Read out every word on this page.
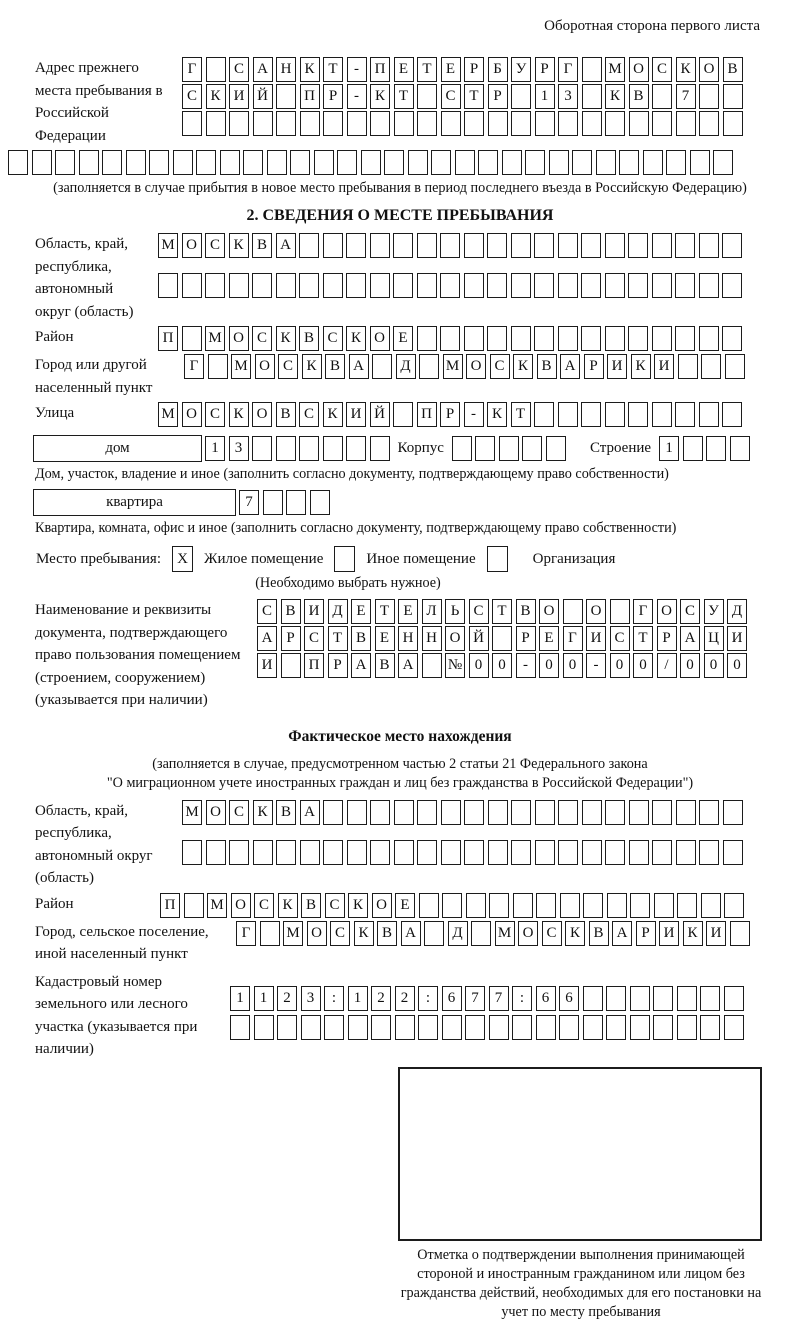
Оборотная сторона первого листа
Адрес прежнего места пребывания в Российской Федерации
Г	С А Н К Т	-	П Е Т Е Р	Б У Р Г	М О С К О В
С К И Й	П Р	-	К Т	С Т Р	1	3	К В	7
(заполняется в случае прибытия в новое место пребывания в период последнего въезда в Российскую Федерацию)
2. СВЕДЕНИЯ О МЕСТЕ ПРЕБЫВАНИЯ
Область, край, республика, автономный округ (область)
М О С К В А
Район	П	М О С К В С К О Е
Город или другой населенный пункт
Г	М О С К В А	Д	М О С К В А Р И К И
Улица	М О С К О В С К И Й	П Р	-	К Т
дом	1	3	Корпус	Строение 1
Дом, участок, владение и иное (заполнить согласно документу, подтверждающему право собственности)
квартира	7
Квартира, комната, офис и иное (заполнить согласно документу, подтверждающему право собственности)
Место пребывания:	X	Жилое помещение	Иное помещение	Организация
(Необходимо выбрать нужное)
Наименование и реквизиты документа, подтверждающего право пользования помещением (строением, сооружением) (указывается при наличии)
С В И Д Е Т Е Л Ь С Т В О	О	Г О С У Д
А Р С Т В Е Н Н О Й	Р Е Г И С Т Р А Ц И
И	П Р А В А	№ 0	0	-	0	0	-	0	0	/	0	0	0
Фактическое место нахождения
(заполняется в случае, предусмотренном частью 2 статьи 21 Федерального закона
"О миграционном учете иностранных граждан и лиц без гражданства в Российской Федерации")
Область, край, республика, автономный округ (область)
М О С К В А
Район	П	М О С К В С К О Е
Город, сельское поселение, иной населенный пункт
Г	М О С К В А	Д	М О С К В А Р И К И
Кадастровый номер земельного или лесного участка (указывается при наличии)
1	1	2	3	:	1	2	2	:	6	7	7	:	6	6
Отметка о подтверждении выполнения принимающей стороной и иностранным гражданином или лицом без гражданства действий, необходимых для его постановки на учет по месту пребывания
